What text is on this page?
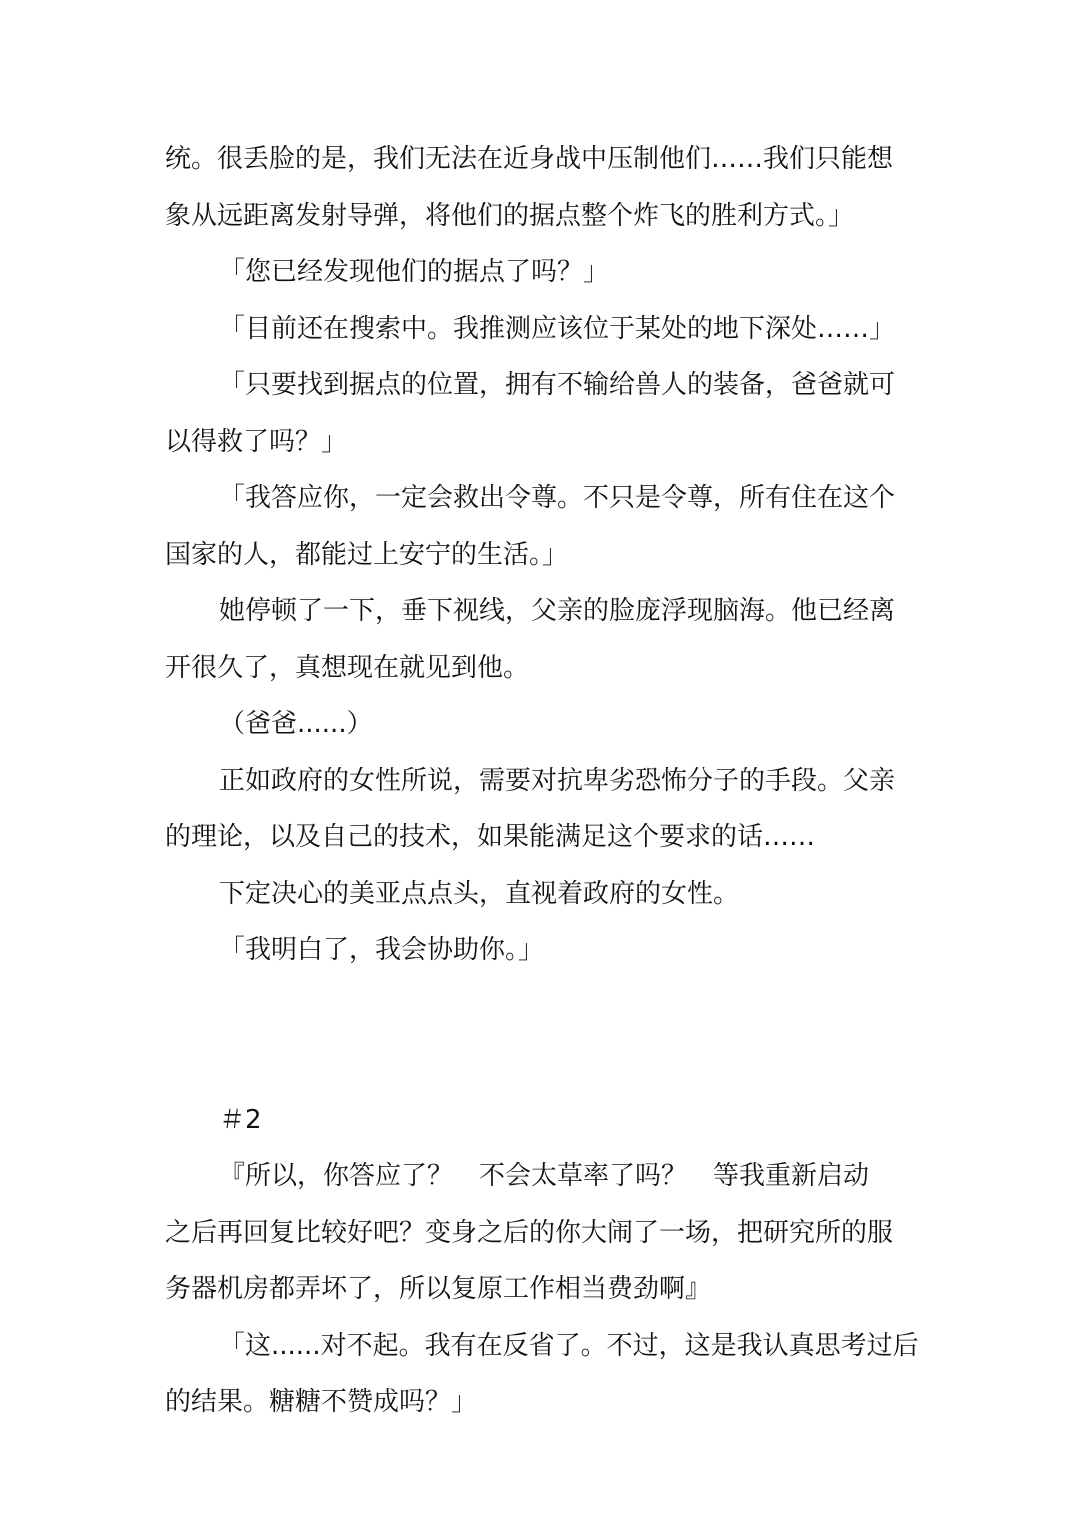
统。很丢脸的是，我们无法在近身战中压制他们……我们只能想
象从远距离发射导弹，将他们的据点整个炸飞的胜利方式。」
「您已经发现他们的据点了吗？」
「目前还在搜索中。我推测应该位于某处的地下深处……」
「只要找到据点的位置，拥有不输给兽人的装备，爸爸就可
以得救了吗？」
「我答应你，一定会救出令尊。不只是令尊，所有住在这个
国家的人，都能过上安宁的生活。」
她停顿了一下，垂下视线，父亲的脸庞浮现脑海。他已经离
开很久了，真想现在就见到他。
（爸爸......）
正如政府的女性所说，需要对抗卑劣恐怖分子的手段。父亲
的理论，以及自己的技术，如果能满足这个要求的话……
下定决心的美亚点点头，直视着政府的女性。
「我明白了，我会协助你。」
＃2
『所以，你答应了？　不会太草率了吗？　等我重新启动
之后再回复比较好吧？变身之后的你大闹了一场，把研究所的服
务器机房都弄坏了，所以复原工作相当费劲啊』
「这......对不起。我有在反省了。不过，这是我认真思考过后
的结果。糖糖不赞成吗？」
